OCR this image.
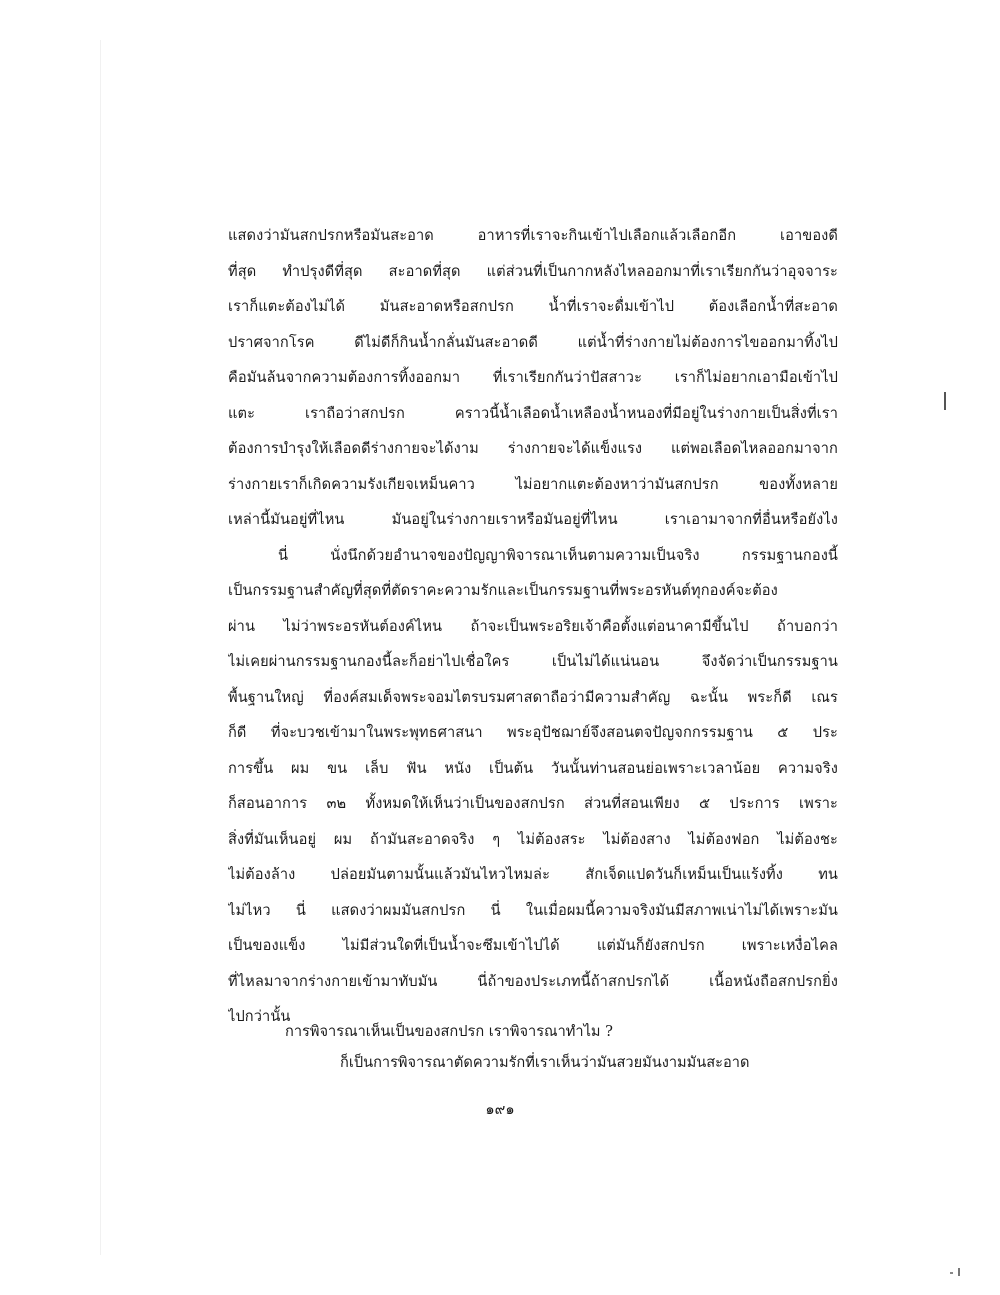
แสดงว่ามันสกปรกหรือมันสะอาด อาหารที่เราจะกินเข้าไปเลือกแล้วเลือกอีก เอาของดี
ที่สุด ทำปรุงดีที่สุด สะอาดที่สุด แต่ส่วนที่เป็นกากหลังไหลออกมาที่เราเรียกกันว่าอุจจาระ
เราก็แตะต้องไม่ได้ มันสะอาดหรือสกปรก น้ำที่เราจะดื่มเข้าไป ต้องเลือกน้ำที่สะอาด
ปราศจากโรค ดีไม่ดีก็กินน้ำกลั่นมันสะอาดดี แต่น้ำที่ร่างกายไม่ต้องการไขออกมาทิ้งไป
คือมันล้นจากความต้องการทิ้งออกมา ที่เราเรียกกันว่าปัสสาวะ เราก็ไม่อยากเอามือเข้าไป
แตะ เราถือว่าสกปรก คราวนี้น้ำเลือดน้ำเหลืองน้ำหนองที่มีอยู่ในร่างกายเป็นสิ่งที่เรา
ต้องการบำรุงให้เลือดดีร่างกายจะได้งาม ร่างกายจะได้แข็งแรง แต่พอเลือดไหลออกมาจาก
ร่างกายเราก็เกิดความรังเกียจเหม็นคาว ไม่อยากแตะต้องหาว่ามันสกปรก ของทั้งหลาย
เหล่านี้มันอยู่ที่ไหน มันอยู่ในร่างกายเราหรือมันอยู่ที่ไหน เราเอามาจากที่อื่นหรือยังไง
นี่ นั่งนึกด้วยอำนาจของปัญญาพิจารณาเห็นตามความเป็นจริง กรรมฐานกองนี้
เป็นกรรมฐานสำคัญที่สุดที่ตัดราคะความรักและเป็นกรรมฐานที่พระอรหันต์ทุกองค์จะต้อง
ผ่าน ไม่ว่าพระอรหันต์องค์ไหน ถ้าจะเป็นพระอริยเจ้าคือตั้งแต่อนาคามีขึ้นไป ถ้าบอกว่า
ไม่เคยผ่านกรรมฐานกองนี้ละก็อย่าไปเชื่อใคร เป็นไม่ได้แน่นอน จึงจัดว่าเป็นกรรมฐาน
พื้นฐานใหญ่ ที่องค์สมเด็จพระจอมไตรบรมศาสดาถือว่ามีความสำคัญ ฉะนั้น พระก็ดี เณร
ก็ดี ที่จะบวชเข้ามาในพระพุทธศาสนา พระอุปัชฌาย์จึงสอนตจปัญจกกรรมฐาน ๕ ประ
การขึ้น ผม ขน เล็บ ฟัน หนัง เป็นต้น วันนั้นท่านสอนย่อเพราะเวลาน้อย ความจริง
ก็สอนอาการ ๓๒ ทั้งหมดให้เห็นว่าเป็นของสกปรก ส่วนที่สอนเพียง ๕ ประการ เพราะ
สิ่งที่มันเห็นอยู่ ผม ถ้ามันสะอาดจริง ๆ ไม่ต้องสระ ไม่ต้องสาง ไม่ต้องฟอก ไม่ต้องชะ
ไม่ต้องล้าง ปล่อยมันตามนั้นแล้วมันไหวไหมล่ะ สักเจ็ดแปดวันก็เหม็นเป็นแร้งทิ้ง ทน
ไม่ไหว นี่ แสดงว่าผมมันสกปรก นี่ ในเมื่อผมนี้ความจริงมันมีสภาพเน่าไม่ได้เพราะมัน
เป็นของแข็ง ไม่มีส่วนใดที่เป็นน้ำจะซึมเข้าไปได้ แต่มันก็ยังสกปรก เพราะเหงื่อไคล
ที่ไหลมาจากร่างกายเข้ามาทับมัน นี่ถ้าของประเภทนี้ถ้าสกปรกได้ เนื้อหนังถือสกปรกยิ่ง
ไปกว่านั้น
การพิจารณาเห็นเป็นของสกปรก เราพิจารณาทำไม ?
ก็เป็นการพิจารณาตัดความรักที่เราเห็นว่ามันสวยมันงามมันสะอาด
๑๙๑
